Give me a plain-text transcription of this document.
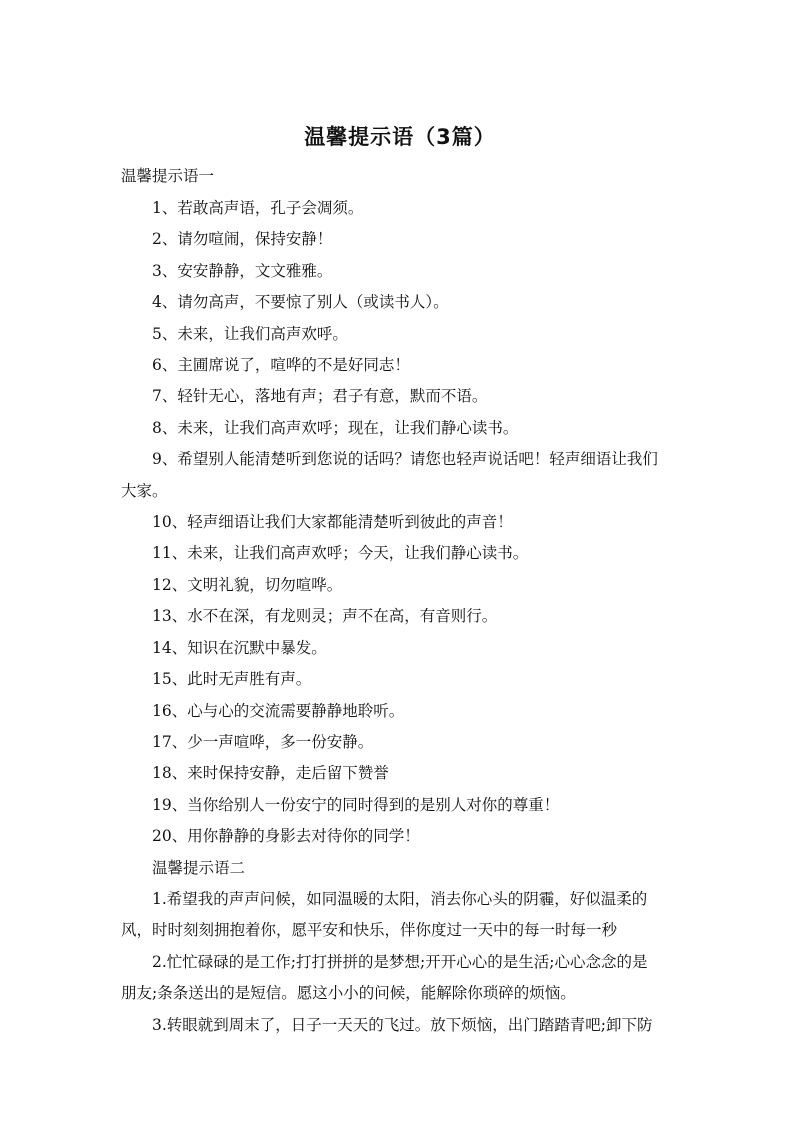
温馨提示语（3篇）
温馨提示语一
1、若敢高声语，孔子会凋须。
2、请勿喧闹，保持安静！
3、安安静静，文文雅雅。
4、请勿高声，不要惊了别人（或读书人）。
5、未来，让我们高声欢呼。
6、主圃席说了，喧哗的不是好同志！
7、轻针无心，落地有声；君子有意，默而不语。
8、未来，让我们高声欢呼；现在，让我们静心读书。
9、希望别人能清楚听到您说的话吗？请您也轻声说话吧！轻声细语让我们
大家。
10、轻声细语让我们大家都能清楚听到彼此的声音！
11、未来，让我们高声欢呼；今天，让我们静心读书。
12、文明礼貌，切勿喧哗。
13、水不在深，有龙则灵；声不在高，有音则行。
14、知识在沉默中暴发。
15、此时无声胜有声。
16、心与心的交流需要静静地聆听。
17、少一声喧哗，多一份安静。
18、来时保持安静，走后留下赞誉
19、当你给别人一份安宁的同时得到的是别人对你的尊重！
20、用你静静的身影去对待你的同学！
温馨提示语二
1.希望我的声声问候，如同温暖的太阳，消去你心头的阴霾，好似温柔的
风，时时刻刻拥抱着你，愿平安和快乐，伴你度过一天中的每一时每一秒
2.忙忙碌碌的是工作;打打拼拼的是梦想;开开心心的是生活;心心念念的是
朋友;条条送出的是短信。愿这小小的问候，能解除你琐碎的烦恼。
3.转眼就到周末了，日子一天天的飞过。放下烦恼，出门踏踏青吧;卸下防
